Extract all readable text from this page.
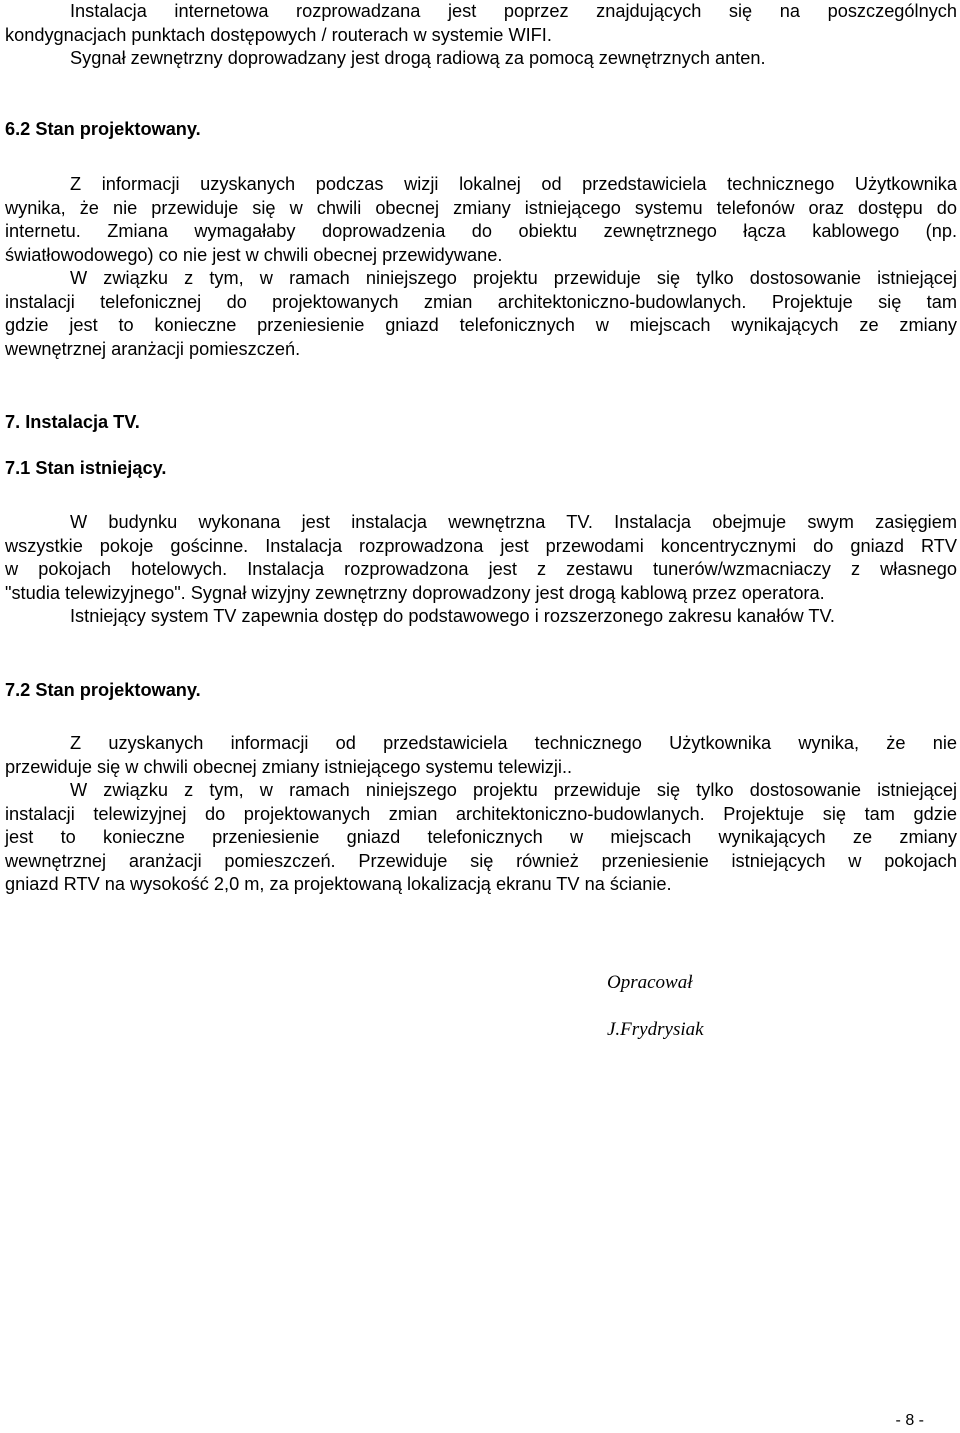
Instalacja internetowa rozprowadzana jest poprzez znajdujących się na poszczególnych
kondygnacjach punktach dostępowych / routerach w systemie WIFI.
Sygnał zewnętrzny doprowadzany jest drogą radiową za pomocą zewnętrznych anten.
6.2 Stan projektowany.
Z informacji uzyskanych podczas wizji lokalnej od przedstawiciela technicznego Użytkownika
wynika, że nie przewiduje się w chwili obecnej zmiany istniejącego systemu telefonów oraz dostępu do
internetu. Zmiana wymagałaby doprowadzenia do obiektu zewnętrznego łącza kablowego (np.
światłowodowego) co nie jest w chwili obecnej przewidywane.
W związku z tym, w ramach niniejszego projektu przewiduje się tylko dostosowanie istniejącej
instalacji telefonicznej do projektowanych zmian architektoniczno-budowlanych. Projektuje się tam
gdzie jest to konieczne przeniesienie gniazd telefonicznych w miejscach wynikających ze zmiany
wewnętrznej aranżacji pomieszczeń.
7. Instalacja TV.
7.1 Stan istniejący.
W budynku wykonana jest instalacja wewnętrzna TV. Instalacja obejmuje swym zasięgiem
wszystkie pokoje gościnne. Instalacja rozprowadzona jest przewodami koncentrycznymi do gniazd RTV
w pokojach hotelowych. Instalacja rozprowadzona jest z zestawu tunerów/wzmacniaczy z własnego
"studia telewizyjnego". Sygnał wizyjny zewnętrzny doprowadzony jest drogą kablową przez operatora.
Istniejący system TV zapewnia dostęp do podstawowego i rozszerzonego zakresu kanałów TV.
7.2 Stan projektowany.
Z uzyskanych informacji od przedstawiciela technicznego Użytkownika wynika, że nie
przewiduje się w chwili obecnej zmiany istniejącego systemu telewizji..
W związku z tym, w ramach niniejszego projektu przewiduje się tylko dostosowanie istniejącej
instalacji telewizyjnej do projektowanych zmian architektoniczno-budowlanych. Projektuje się tam gdzie
jest to konieczne przeniesienie gniazd telefonicznych w miejscach wynikających ze zmiany
wewnętrznej aranżacji pomieszczeń. Przewiduje się również przeniesienie istniejących w pokojach
gniazd RTV na wysokość 2,0 m, za projektowaną lokalizacją ekranu TV na ścianie.
Opracował
J.Frydrysiak
- 8 -
